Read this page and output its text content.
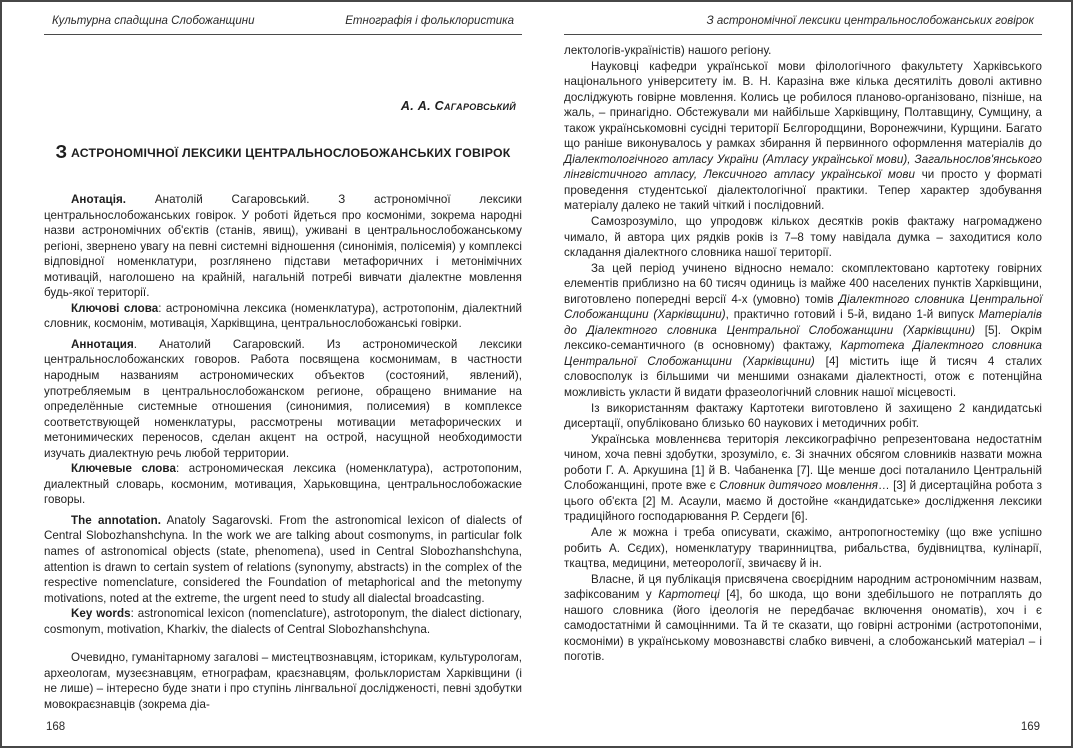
Культурна спадщина Слобожанщини	Етнографія і фольклористика
А. А. Сагаровський
З АСТРОНОМІЧНОЇ ЛЕКСИКИ ЦЕНТРАЛЬНОСЛОБОЖАНСЬКИХ ГОВІРОК

Анотація. Анатолій Сагаровський. З астрономічної лексики центральнослобожанських говірок. У роботі йдеться про космоніми, зокрема народні назви астрономічних об'єктів (станів, явищ), уживані в центральнослобожанському регіоні, звернено увагу на певні системні відношення (синонімія, полісемія) у комплексі відповідної номенклатури, розглянено підстави метафоричних і метонімічних мотивацій, наголошено на крайній, нагальній потребі вивчати діалектне мовлення будь-якої території.

Ключові слова: астрономічна лексика (номенклатура), астротопонім, діалектний словник, космонім, мотивація, Харківщина, центральнослобожанські говірки.

Аннотация. Анатолий Сагаровский. Из астрономической лексики центральнослобожанских говоров. Работа посвящена космонимам, в частности народным названиям астрономических объектов (состояний, явлений), употребляемым в центральнослобожанском регионе, обращено внимание на определённые системные отношения (синонимия, полисемия) в комплексе соответствующей номенклатуры, рассмотрены мотивации метафорических и метонимических переносов, сделан акцент на острой, насущной необходимости изучать диалектную речь любой территории.

Ключевые слова: астрономическая лексика (номенклатура), астротопоним, диалектный словарь, космоним, мотивация, Харьковщина, центральнослобожаские говоры.

The annotation. Anatoly Sagarovski. From the astronomical lexicon of dialects of Central Slobozhanshchyna. In the work we are talking about cosmonyms, in particular folk names of astronomical objects (state, phenomena), used in Central Slobozhanshchyna, attention is drawn to certain system of relations (synonymy, abstracts) in the complex of the respective nomenclature, considered the Foundation of metaphorical and the metonymy motivations, noted at the extreme, the urgent need to study all dialectal broadcasting.

Key words: astronomical lexicon (nomenclature), astrotoponym, the dialect dictionary, cosmonym, motivation, Kharkiv, the dialects of Central Slobozhanshchyna.

Очевидно, гуманітарному загалові – мистецтвознавцям, історикам, культурологам, археологам, музеєзнавцям, етнографам, краєзнавцям, фольклористам Харківщини (і не лише) – інтересно буде знати і про ступінь лінгвальної дослідженості, певні здобутки мовокраєзнавців (зокрема діа-

168
З астрономічної лексики центральнослобожанських говірок

лектологів-україністів) нашого регіону.

Науковці кафедри української мови філологічного факультету Харківського національного університету ім. В. Н. Каразіна вже кілька десятиліть доволі активно досліджують говірне мовлення. Колись це робилося планово-організовано, пізніше, на жаль, – принагідно. Обстежували ми найбільше Харківщину, Полтавщину, Сумщину, а також українськомовні сусідні території Бєлгородщини, Воронежчини, Курщини. Багато що раніше виконувалось у рамках збирання й первинного оформлення матеріалів до Діалектологічного атласу України (Атласу української мови), Загальнослов'янського лінгвістичного атласу, Лексичного атласу української мови чи просто у форматі проведення студентської діалектологічної практики. Тепер характер здобування матеріалу далеко не такий чіткий і послідовний.

Самозрозуміло, що упродовж кількох десятків років фактажу нагромаджено чимало, й автора цих рядків років із 7–8 тому навідала думка – заходитися коло складання діалектного словника нашої території.

За цей період учинено відносно немало: скомплектовано картотеку говірних елементів приблизно на 60 тисяч одиниць із майже 400 населених пунктів Харківщини, виготовлено попередні версії 4-х (умовно) томів Діалектного словника Центральної Слобожанщини (Харківщини), практично готовий і 5-й, видано 1-й випуск Матеріалів до Діалектного словника Центральної Слобожанщини (Харківщини) [5]. Окрім лексико-семантичного (в основному) фактажу, Картотека Діалектного словника Центральної Слобожанщини (Харківщини) [4] містить іще й тисяч 4 сталих словосполук із більшими чи меншими ознаками діалектності, отож є потенційна можливість укласти й видати фразеологічний словник нашої місцевості.

Із використанням фактажу Картотеки виготовлено й захищено 2 кандидатські дисертації, опубліковано близько 60 наукових і методичних робіт.

Українська мовленнєва територія лексикографічно репрезентована недостатнім чином, хоча певні здобутки, зрозуміло, є. Зі значних обсягом словників назвати можна роботи Г. А. Аркушина [1] й В. Чабаненка [7]. Ще менше досі поталанило Центральній Слобожанщині, проте вже є Словник дитячого мовлення… [3] й дисертаційна робота з цього об'єкта [2] М. Асаули, маємо й достойне «кандидатське» дослідження лексики традиційного господарювання Р. Сердеги [6].

Але ж можна і треба описувати, скажімо, антропогностеміку (що вже успішно робить А. Сєдих), номенклатуру тваринництва, рибальства, будівництва, кулінарії, ткацтва, медицини, метеорології, звичаєву й ін.

Власне, й ця публікація присвячена своєрідним народним астрономічним назвам, зафіксованим у Картотеці [4], бо шкода, що вони здебільшого не потраплять до нашого словника (його ідеологія не передбачає включення ономатів), хоч і є самодостатніми й самоцінними. Та й те сказати, що говірні астроніми (астротопоніми, космоніми) в українському мовознавстві слабко вивчені, а слобожанський матеріал – і поготів.

169
